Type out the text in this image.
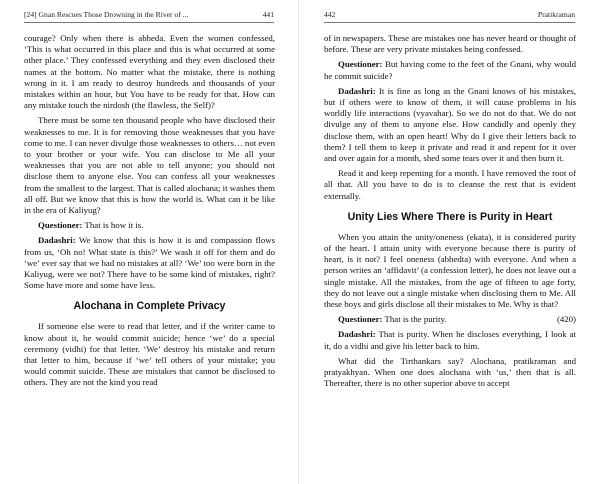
[24] Gnan Rescues Those Drowning in the River of ...	441

courage? Only when there is abheda. Even the women confessed, ‘This is what occurred in this place and this is what occurred at some other place.’ They confessed everything and they even disclosed their names at the bottom. No matter what the mistake, there is nothing wrong in it. I am ready to destroy hundreds and thousands of your mistakes within an hour, but You have to be ready for that. How can any mistake touch the nirdosh (the flawless, the Self)?

There must be some ten thousand people who have disclosed their weaknesses to me. It is for removing those weaknesses that you have come to me. I can never divulge those weaknesses to others… not even to your brother or your wife. You can disclose to Me all your weaknesses that you are not able to tell anyone; you should not disclose them to anyone else. You can confess all your weaknesses from the smallest to the largest. That is called alochana; it washes them all off. But we know that this is how the world is. What can it be like in the era of Kaliyug?

Questioner: That is how it is.

Dadashri: We know that this is how it is and compassion flows from us, ‘Oh no! What state is this?’ We wash it off for them and do ‘we’ ever say that we had no mistakes at all? ‘We’ too were born in the Kaliyug, were we not? There have to be some kind of mistakes, right? Some have more and some have less.

Alochana in Complete Privacy

If someone else were to read that letter, and if the writer came to know about it, he would commit suicide; hence ‘we’ do a special ceremony (vidhi) for that letter. ‘We’ destroy his mistake and return that letter to him, because if ‘we’ tell others of your mistake; you would commit suicide. These are mistakes that cannot be disclosed to others. They are not the kind you read

442	Pratikraman

of in newspapers. These are mistakes one has never heard or thought of before. These are very private mistakes being confessed.

Questioner: But having come to the feet of the Gnani, why would he commit suicide?

Dadashri: It is fine as long as the Gnani knows of his mistakes, but if others were to know of them, it will cause problems in his worldly life interactions (vyavahar). So we do not do that. We do not divulge any of them to anyone else. How candidly and openly they disclose them, with an open heart! Why do I give their letters back to them? I tell them to keep it private and read it and repent for it over and over again for a month, shed some tears over it and then burn it.

Read it and keep repenting for a month. I have removed the root of all that. All you have to do is to cleanse the rest that is evident externally.

Unity Lies Where There is Purity in Heart

When you attain the unity/oneness (ekata), it is considered purity of the heart. I attain unity with everyone because there is purity of heart, is it not? I feel oneness (abhedta) with everyone. And when a person writes an ‘affidavit’ (a confession letter), he does not leave out a single mistake. All the mistakes, from the age of fifteen to age forty, they do not leave out a single mistake when disclosing them to Me. All these boys and girls disclose all their mistakes to Me. Why is that?

(420)
Questioner: That is the purity.

Dadashri: That is purity. When he discloses everything, I look at it, do a vidhi and give his letter back to him.

What did the Tirthankars say? Alochana, pratikraman and pratyakhyan. When one does alochana with ‘us,’ then that is all. Thereafter, there is no other superior above to accept
